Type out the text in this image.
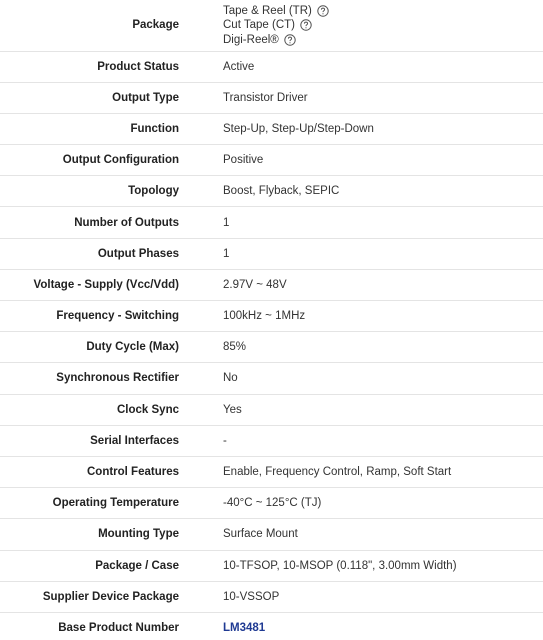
Package	Tape & Reel (TR)
Cut Tape (CT)
Digi-Reel®

Product Status	Active
Output Type	Transistor Driver
Function	Step-Up, Step-Up/Step-Down
Output Configuration	Positive
Topology	Boost, Flyback, SEPIC
Number of Outputs	1
Output Phases	1
Voltage - Supply (Vcc/Vdd)	2.97V ~ 48V
Frequency - Switching	100kHz ~ 1MHz
Duty Cycle (Max)	85%
Synchronous Rectifier	No
Clock Sync	Yes
Serial Interfaces	-
Control Features	Enable, Frequency Control, Ramp, Soft Start
Operating Temperature	-40°C ~ 125°C (TJ)
Mounting Type	Surface Mount
Package / Case	10-TFSOP, 10-MSOP (0.118", 3.00mm Width)
Supplier Device Package	10-VSSOP
Base Product Number	LM3481
